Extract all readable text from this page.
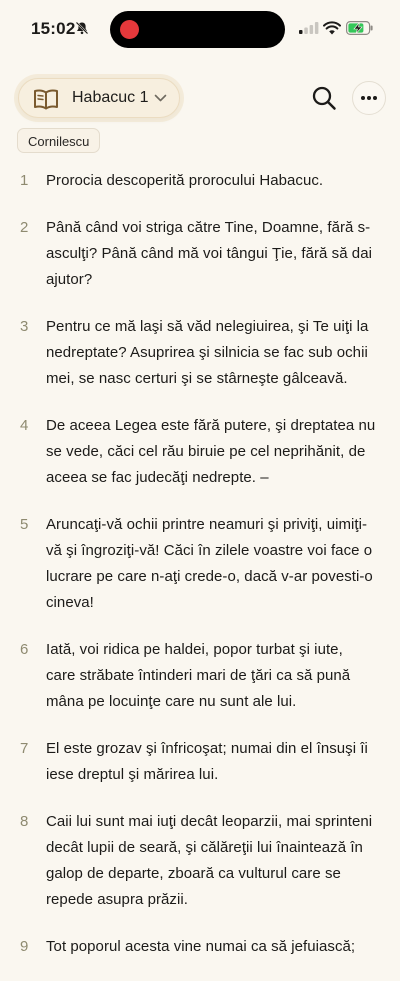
15:02
Habacuc 1
Cornilescu
1	Prorocia descoperită prorocului Habacuc.
2	Până când voi striga către Tine, Doamne, fără s-asculţi? Până când mă voi tângui Ţie, fără să dai ajutor?
3	Pentru ce mă laşi să văd nelegiuirea, şi Te uiţi la nedreptate? Asuprirea şi silnicia se fac sub ochii mei, se nasc certuri şi se stârneşte gâlceavă.
4	De aceea Legea este fără putere, şi dreptatea nu se vede, căci cel rău biruie pe cel neprihănit, de aceea se fac judecăţi nedrepte. –
5	Aruncaţi-vă ochii printre neamuri şi priviţi, uimiţi-vă şi îngroziţi-vă! Căci în zilele voastre voi face o lucrare pe care n-aţi crede-o, dacă v-ar povesti-o cineva!
6	Iată, voi ridica pe haldei, popor turbat şi iute, care străbate întinderi mari de ţări ca să pună mâna pe locuinţe care nu sunt ale lui.
7	El este grozav şi înfricoşat; numai din el însuşi îi iese dreptul şi mărirea lui.
8	Caii lui sunt mai iuţi decât leoparzii, mai sprinteni decât lupii de seară, şi călăreţii lui înaintează în galop de departe, zboară ca vulturul care se repede asupra prăzii.
9	Tot poporul acesta vine numai ca să jefuiască;
